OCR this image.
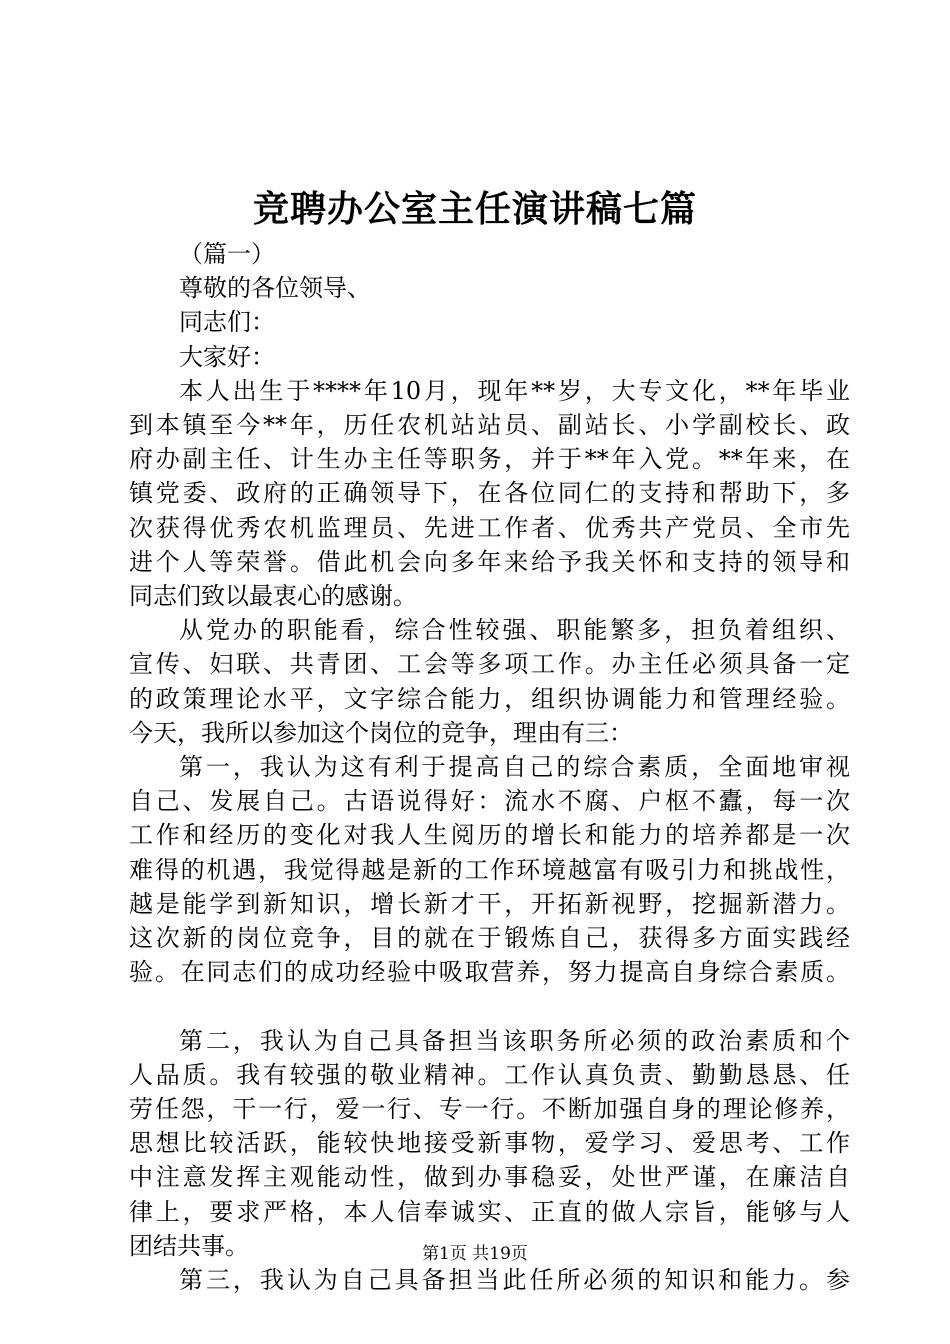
竞聘办公室主任演讲稿七篇
（篇一）
尊敬的各位领导、
同志们：
大家好：
本人出生于****年10月，现年**岁，大专文化，**年毕业
到本镇至今**年，历任农机站站员、副站长、小学副校长、政
府办副主任、计生办主任等职务，并于**年入党。**年来，在
镇党委、政府的正确领导下，在各位同仁的支持和帮助下，多
次获得优秀农机监理员、先进工作者、优秀共产党员、全市先
进个人等荣誉。借此机会向多年来给予我关怀和支持的领导和
同志们致以最衷心的感谢。
从党办的职能看，综合性较强、职能繁多，担负着组织、
宣传、妇联、共青团、工会等多项工作。办主任必须具备一定
的政策理论水平，文字综合能力，组织协调能力和管理经验。
今天，我所以参加这个岗位的竞争，理由有三：
第一，我认为这有利于提高自己的综合素质，全面地审视
自己、发展自己。古语说得好：流水不腐、户枢不蠹，每一次
工作和经历的变化对我人生阅历的增长和能力的培养都是一次
难得的机遇，我觉得越是新的工作环境越富有吸引力和挑战性，
越是能学到新知识，增长新才干，开拓新视野，挖掘新潜力。
这次新的岗位竞争，目的就在于锻炼自己，获得多方面实践经
验。在同志们的成功经验中吸取营养，努力提高自身综合素质。
第二，我认为自己具备担当该职务所必须的政治素质和个
人品质。我有较强的敬业精神。工作认真负责、勤勤恳恳、任
劳任怨，干一行，爱一行、专一行。不断加强自身的理论修养，
思想比较活跃，能较快地接受新事物，爱学习、爱思考、工作
中注意发挥主观能动性，做到办事稳妥，处世严谨，在廉洁自
律上，要求严格，本人信奉诚实、正直的做人宗旨，能够与人
团结共事。
第三，我认为自己具备担当此任所必须的知识和能力。参
第1页 共19页
